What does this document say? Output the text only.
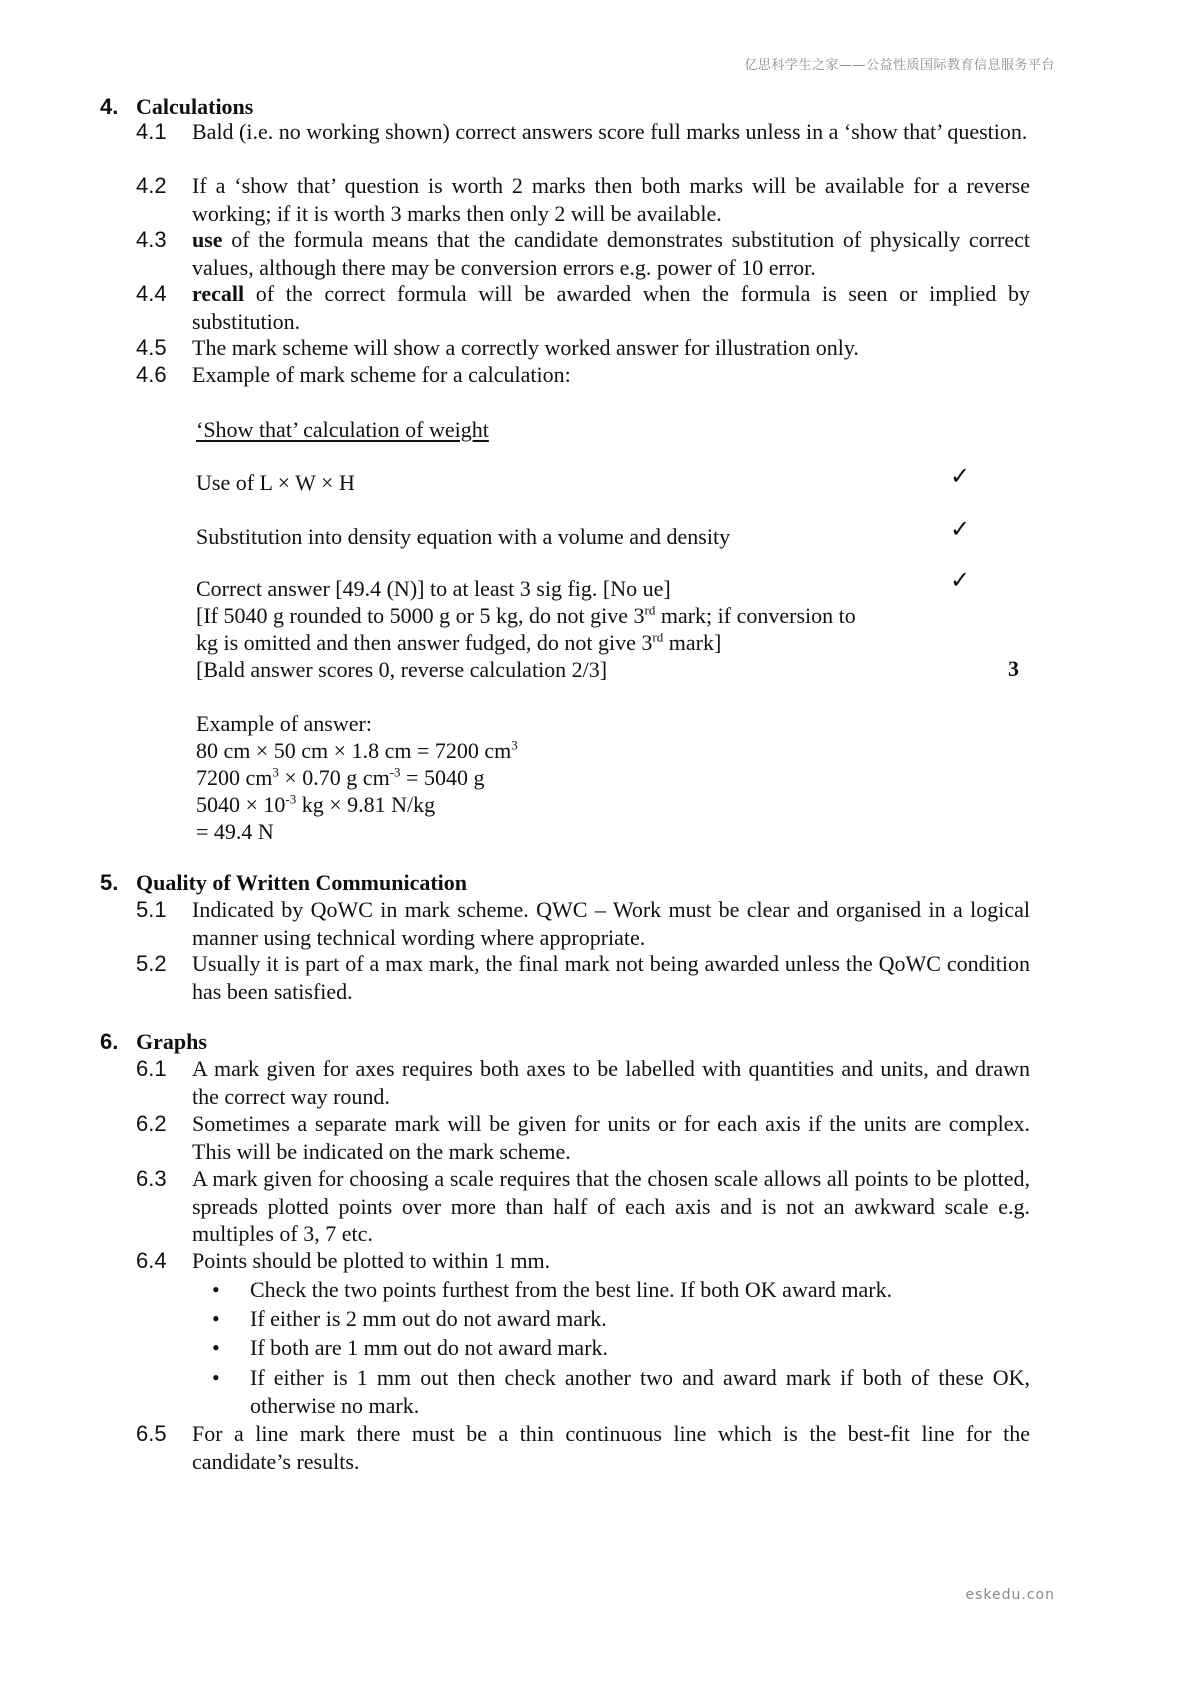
亿思科学生之家——公益性质国际教育信息服务平台
4. Calculations
4.1 Bald (i.e. no working shown) correct answers score full marks unless in a ‘show that’ question.
4.2 If a ‘show that’ question is worth 2 marks then both marks will be available for a reverse working; if it is worth 3 marks then only 2 will be available.
4.3 use of the formula means that the candidate demonstrates substitution of physically correct values, although there may be conversion errors e.g. power of 10 error.
4.4 recall of the correct formula will be awarded when the formula is seen or implied by substitution.
4.5 The mark scheme will show a correctly worked answer for illustration only.
4.6 Example of mark scheme for a calculation:
‘Show that’ calculation of weight
Use of L × W × H	✓
Substitution into density equation with a volume and density	✓
Correct answer [49.4 (N)] to at least 3 sig fig. [No ue]	✓
[If 5040 g rounded to 5000 g or 5 kg, do not give 3rd mark; if conversion to
kg is omitted and then answer fudged, do not give 3rd mark]
[Bald answer scores 0, reverse calculation 2/3]	3
Example of answer:
80 cm × 50 cm × 1.8 cm = 7200 $cm^3$
7200 $cm^3 \times 0.70$ g $cm^{-3} = 5040$ g
$5040 \times 10^{-3}$ kg × 9.81 N/kg
= 49.4 N
5. Quality of Written Communication
5.1 Indicated by QoWC in mark scheme. QWC – Work must be clear and organised in a logical manner using technical wording where appropriate.
5.2 Usually it is part of a max mark, the final mark not being awarded unless the QoWC condition has been satisfied.
6. Graphs
6.1 A mark given for axes requires both axes to be labelled with quantities and units, and drawn the correct way round.
6.2 Sometimes a separate mark will be given for units or for each axis if the units are complex. This will be indicated on the mark scheme.
6.3 A mark given for choosing a scale requires that the chosen scale allows all points to be plotted, spreads plotted points over more than half of each axis and is not an awkward scale e.g. multiples of 3, 7 etc.
6.4 Points should be plotted to within 1 mm.
• Check the two points furthest from the best line. If both OK award mark.
• If either is 2 mm out do not award mark.
• If both are 1 mm out do not award mark.
• If either is 1 mm out then check another two and award mark if both of these OK, otherwise no mark.
6.5 For a line mark there must be a thin continuous line which is the best-fit line for the candidate’s results.
eskedu.con
